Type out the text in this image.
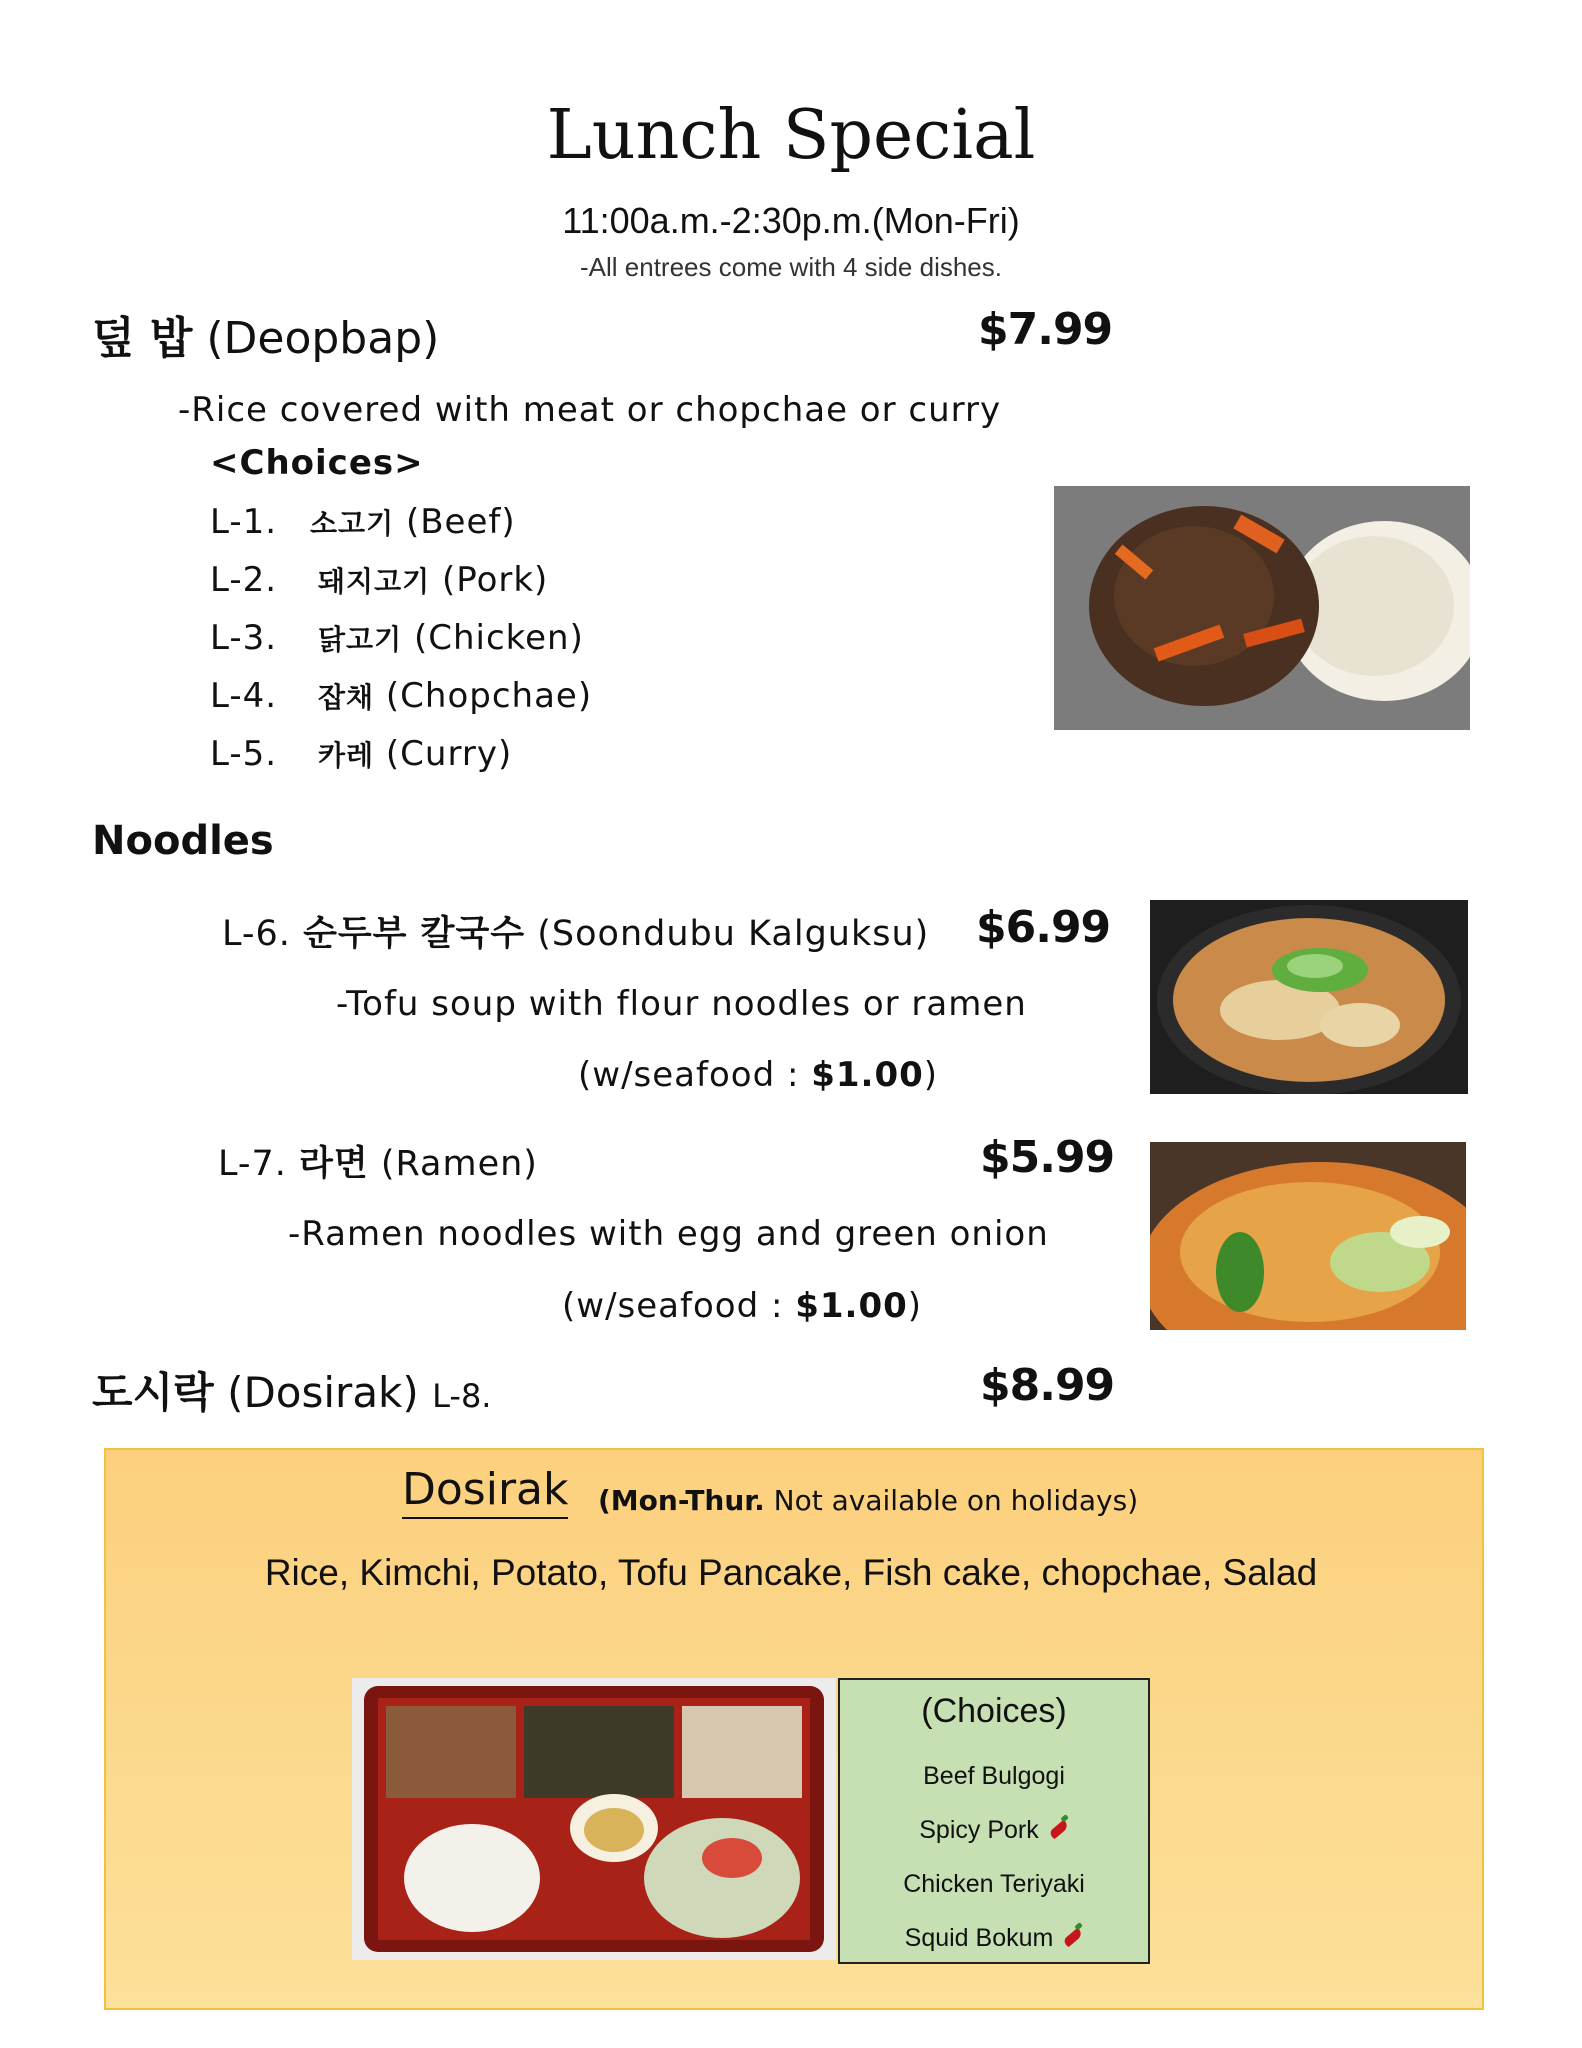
Lunch Special
11:00a.m.-2:30p.m.(Mon-Fri)
-All entrees come with 4 side dishes.
덮 밥 (Deopbap)	$7.99
-Rice covered with meat or chopchae or curry
<Choices>
L-1. 소고기 (Beef)
L-2. 돼지고기 (Pork)
L-3. 닭고기 (Chicken)
L-4. 잡채 (Chopchae)
L-5. 카레 (Curry)
Noodles
L-6. 순두부 칼국수 (Soondubu Kalguksu) $6.99
-Tofu soup with flour noodles or ramen
(w/seafood : $1.00)
L-7. 라면 (Ramen)	$5.99
-Ramen noodles with egg and green onion
(w/seafood : $1.00)
도시락 (Dosirak) L-8.	$8.99
Dosirak (Mon-Thur. Not available on holidays)
Rice, Kimchi, Potato, Tofu Pancake, Fish cake, chopchae, Salad
(Choices)
Beef Bulgogi
Spicy Pork
Chicken Teriyaki
Squid Bokum
